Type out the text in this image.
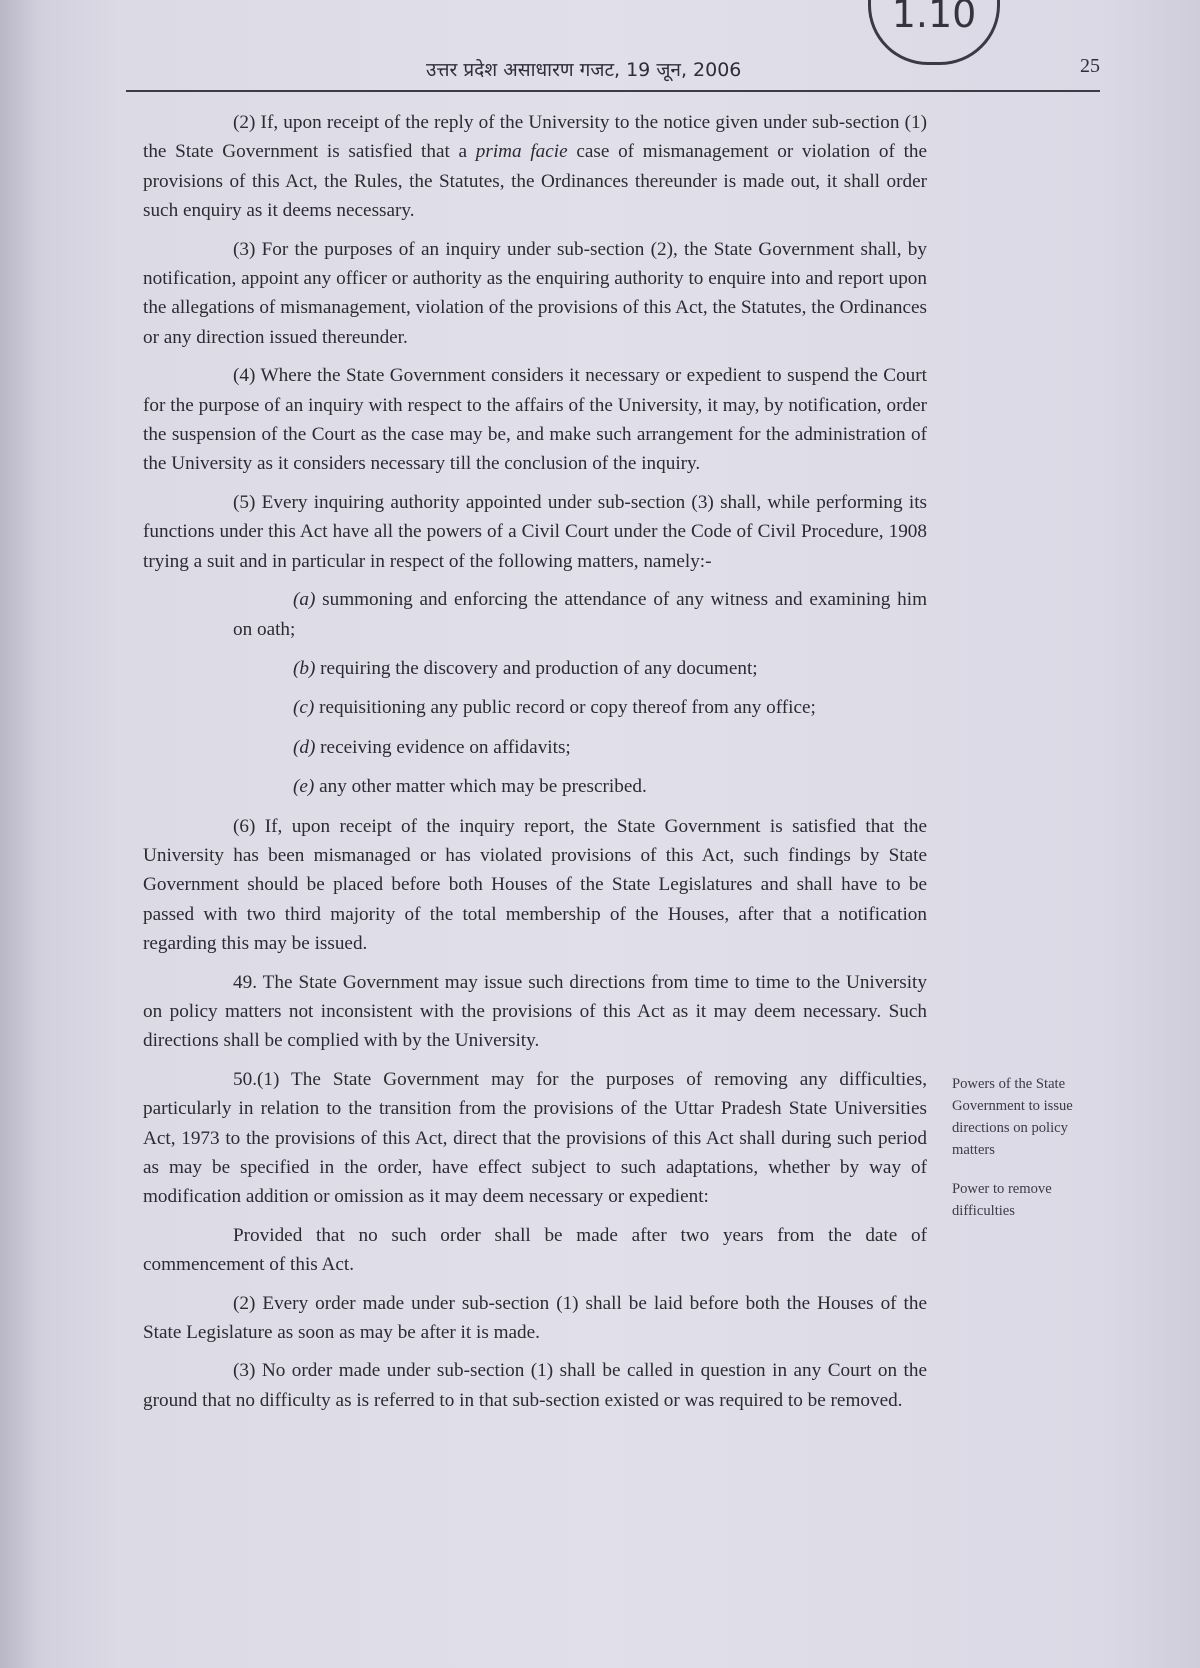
1.10
उत्तर प्रदेश असाधारण गजट, 19 जून, 2006	25

(2) If, upon receipt of the reply of the University to the notice given under sub-section (1) the State Government is satisfied that a prima facie case of mismanagement or violation of the provisions of this Act, the Rules, the Statutes, the Ordinances thereunder is made out, it shall order such enquiry as it deems necessary.

(3) For the purposes of an inquiry under sub-section (2), the State Government shall, by notification, appoint any officer or authority as the enquiring authority to enquire into and report upon the allegations of mismanagement, violation of the provisions of this Act, the Statutes, the Ordinances or any direction issued thereunder.

(4) Where the State Government considers it necessary or expedient to suspend the Court for the purpose of an inquiry with respect to the affairs of the University, it may, by notification, order the suspension of the Court as the case may be, and make such arrangement for the administration of the University as it considers necessary till the conclusion of the inquiry.

(5) Every inquiring authority appointed under sub-section (3) shall, while performing its functions under this Act have all the powers of a Civil Court under the Code of Civil Procedure, 1908 trying a suit and in particular in respect of the following matters, namely:-

(a) summoning and enforcing the attendance of any witness and examining him on oath;

(b) requiring the discovery and production of any document;

(c) requisitioning any public record or copy thereof from any office;

(d) receiving evidence on affidavits;

(e) any other matter which may be prescribed.

(6) If, upon receipt of the inquiry report, the State Government is satisfied that the University has been mismanaged or has violated provisions of this Act, such findings by State Government should be placed before both Houses of the State Legislatures and shall have to be passed with two third majority of the total membership of the Houses, after that a notification regarding this may be issued.

49. The State Government may issue such directions from time to time to the University on policy matters not inconsistent with the provisions of this Act as it may deem necessary. Such directions shall be complied with by the University.

50.(1) The State Government may for the purposes of removing any difficulties, particularly in relation to the transition from the provisions of the Uttar Pradesh State Universities Act, 1973 to the provisions of this Act, direct that the provisions of this Act shall during such period as may be specified in the order, have effect subject to such adaptations, whether by way of modification addition or omission as it may deem necessary or expedient:

Provided that no such order shall be made after two years from the date of commencement of this Act.

(2) Every order made under sub-section (1) shall be laid before both the Houses of the State Legislature as soon as may be after it is made.

(3) No order made under sub-section (1) shall be called in question in any Court on the ground that no difficulty as is referred to in that sub-section existed or was required to be removed.

Powers of the State Government to issue directions on policy matters
Power to remove difficulties
